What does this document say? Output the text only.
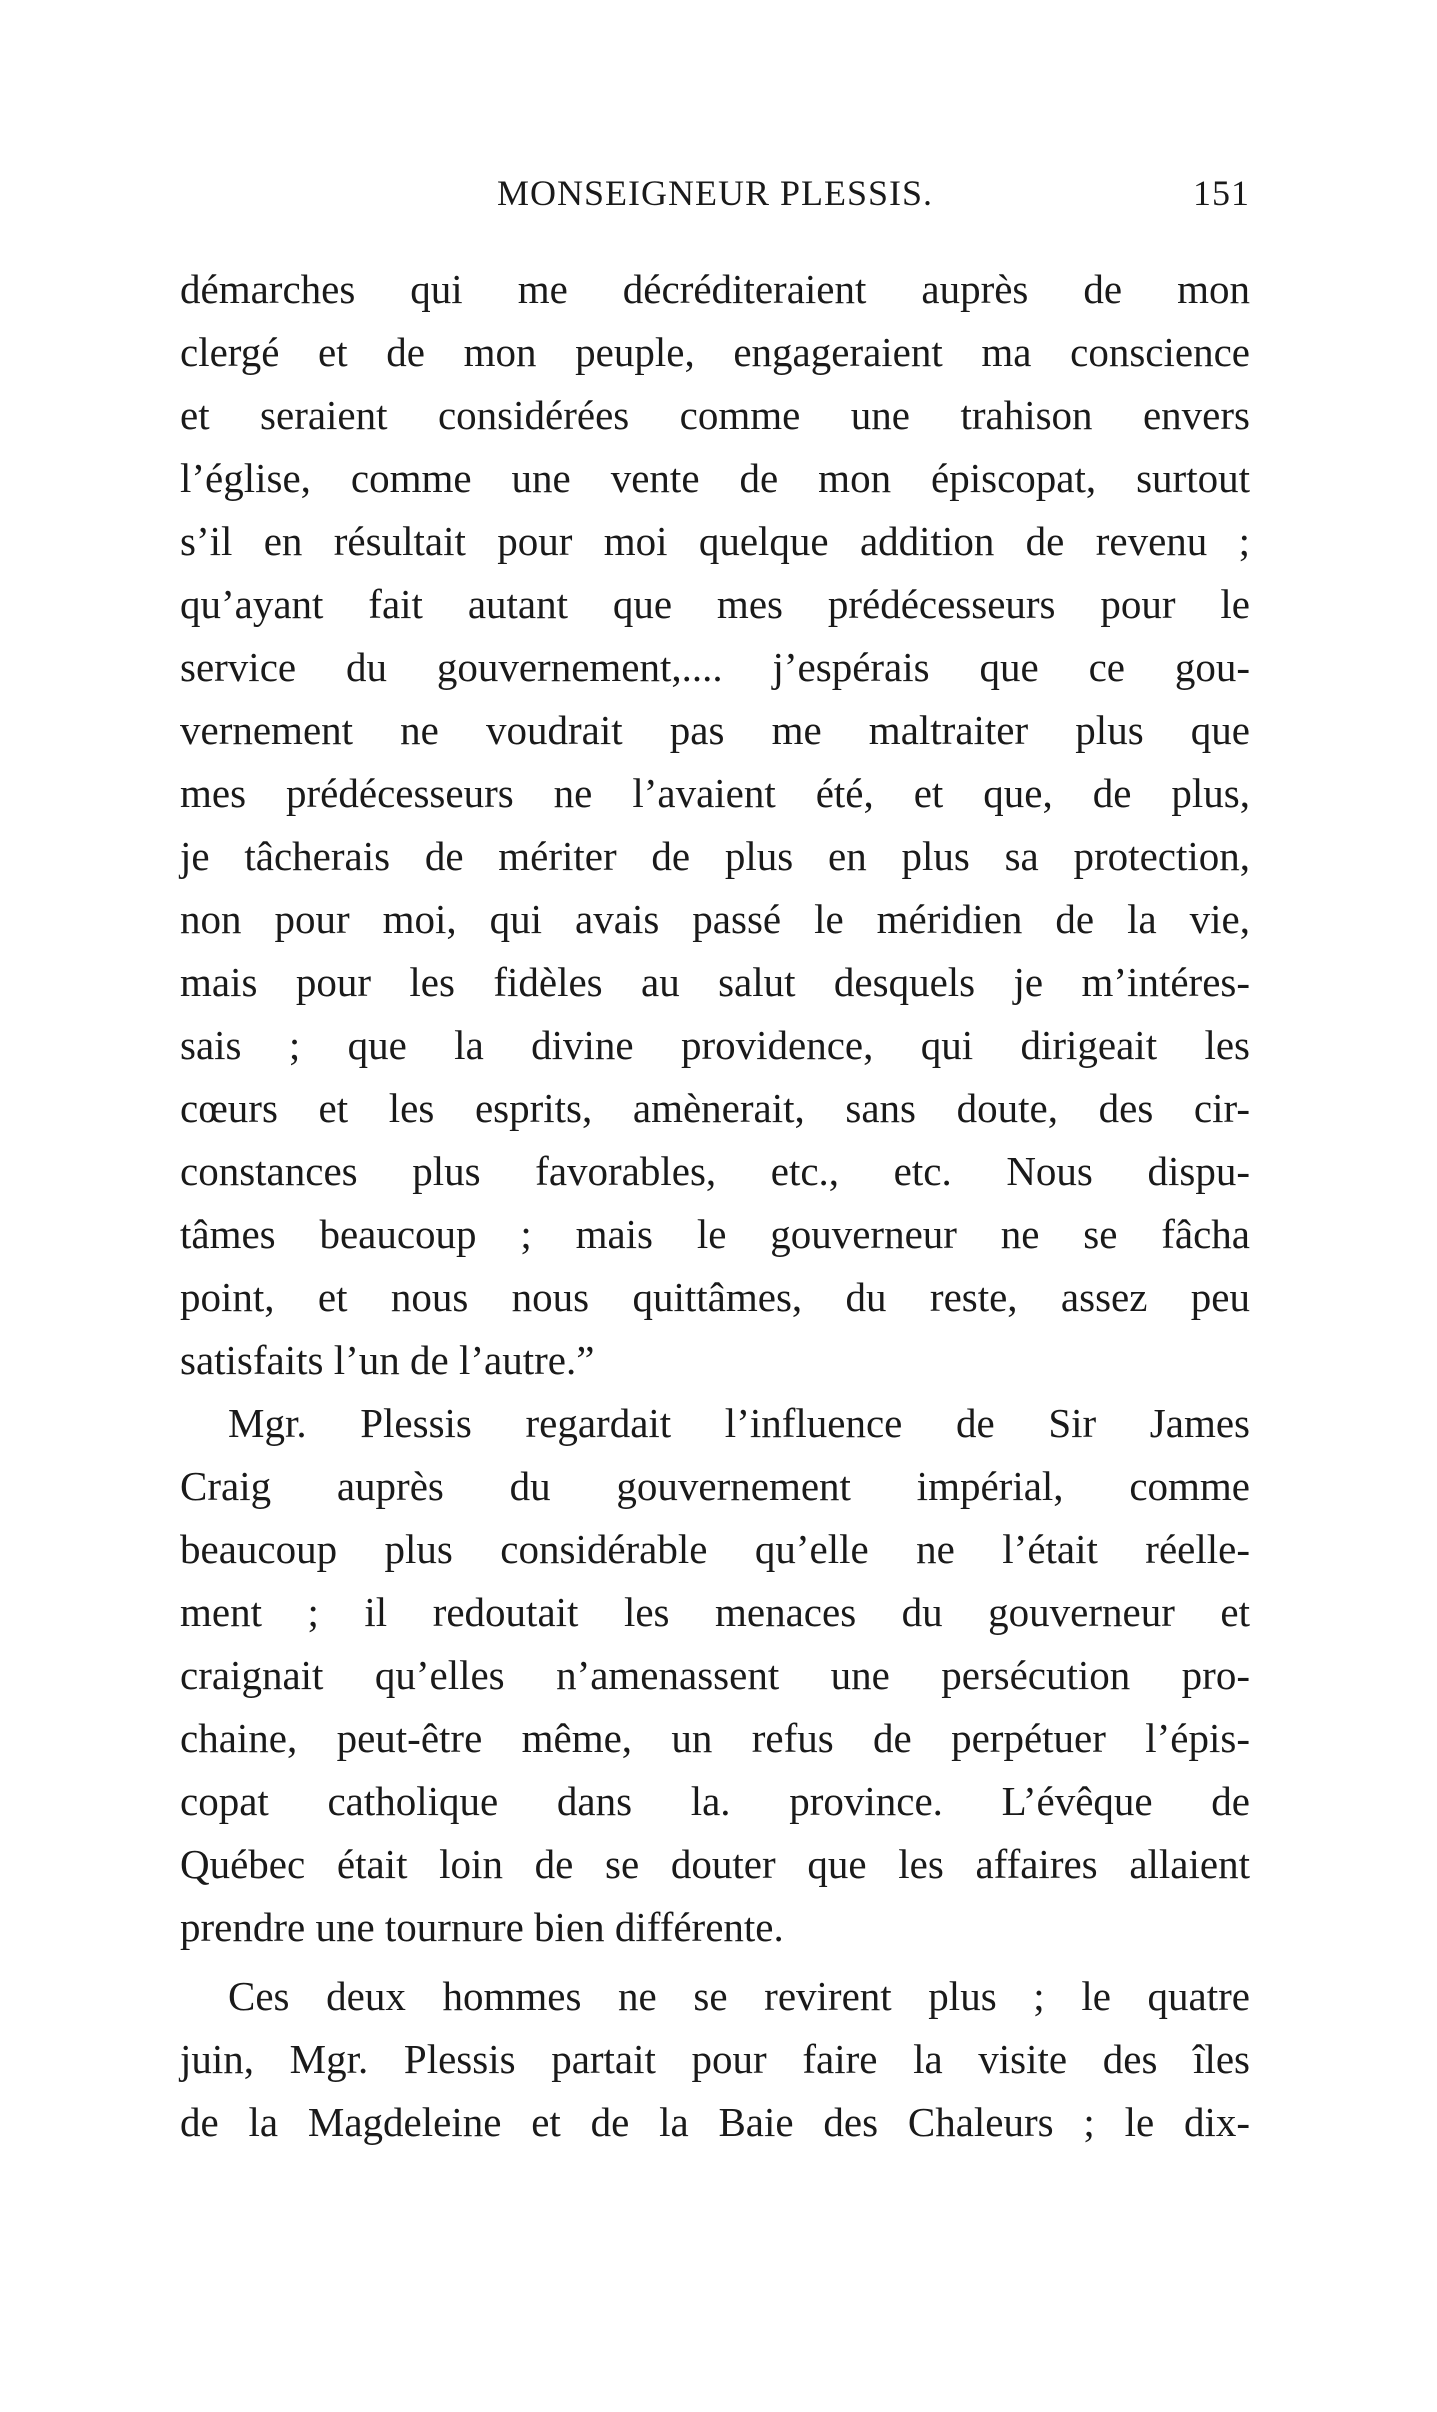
MONSEIGNEUR PLESSIS.	151
démarches qui me décréditeraient auprès de mon
clergé et de mon peuple, engageraient ma conscience
et seraient considérées comme une trahison envers
l’église, comme une vente de mon épiscopat, surtout
s’il en résultait pour moi quelque addition de revenu ;
qu’ayant fait autant que mes prédécesseurs pour le
service du gouvernement,.... j’espérais que ce gou-
vernement ne voudrait pas me maltraiter plus que
mes prédécesseurs ne l’avaient été, et que, de plus,
je tâcherais de mériter de plus en plus sa protection,
non pour moi, qui avais passé le méridien de la vie,
mais pour les fidèles au salut desquels je m’intéres-
sais ; que la divine providence, qui dirigeait les
cœurs et les esprits, amènerait, sans doute, des cir-
constances plus favorables, etc., etc. Nous dispu-
tâmes beaucoup ; mais le gouverneur ne se fâcha
point, et nous nous quittâmes, du reste, assez peu
satisfaits l’un de l’autre.”
Mgr. Plessis regardait l’influence de Sir James
Craig auprès du gouvernement impérial, comme
beaucoup plus considérable qu’elle ne l’était réelle-
ment ; il redoutait les menaces du gouverneur et
craignait qu’elles n’amenassent une persécution pro-
chaine, peut-être même, un refus de perpétuer l’épis-
copat catholique dans la. province. L’évêque de
Québec était loin de se douter que les affaires allaient
prendre une tournure bien différente.
Ces deux hommes ne se revirent plus ; le quatre
juin, Mgr. Plessis partait pour faire la visite des îles
de la Magdeleine et de la Baie des Chaleurs ; le dix-
